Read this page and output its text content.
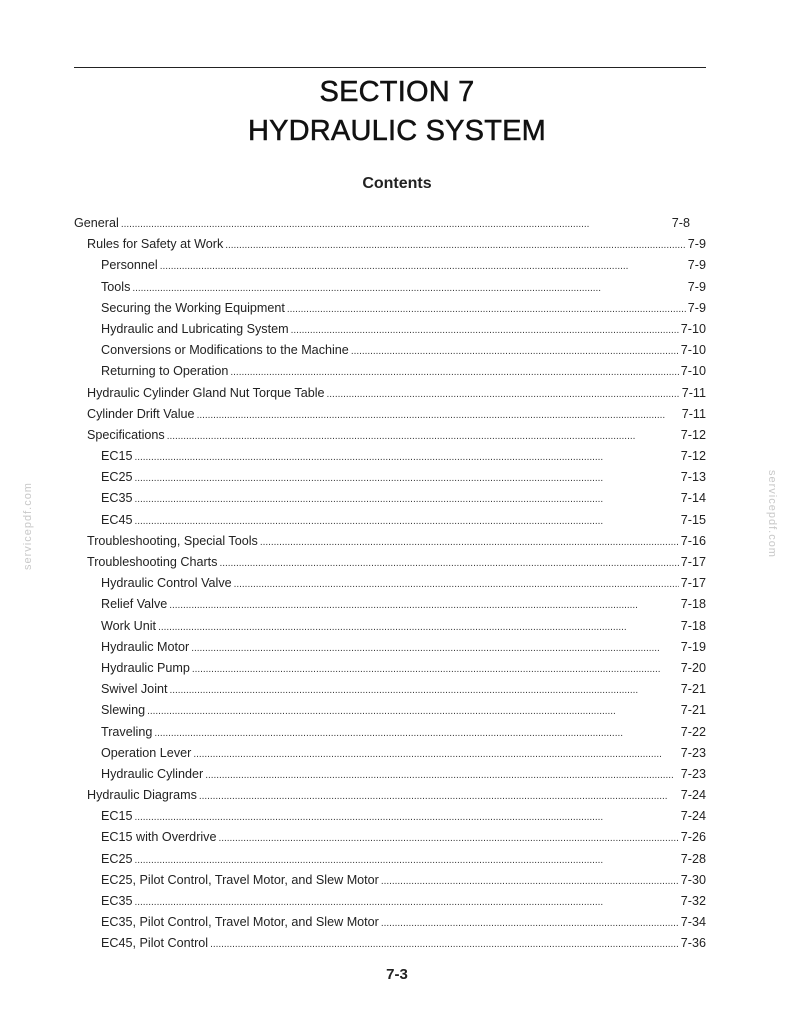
SECTION 7
HYDRAULIC SYSTEM
Contents
General . . .	7-8
Rules for Safety at Work . . .	7-9
Personnel . . .	7-9
Tools . . .	7-9
Securing the Working Equipment . . .	7-9
Hydraulic and Lubricating System . . .	7-10
Conversions or Modifications to the Machine . . .	7-10
Returning to Operation . . .	7-10
Hydraulic Cylinder Gland Nut Torque Table . . .	7-11
Cylinder Drift Value . . .	7-11
Specifications . . .	7-12
EC15 . . .	7-12
EC25 . . .	7-13
EC35 . . .	7-14
EC45 . . .	7-15
Troubleshooting, Special Tools . . .	7-16
Troubleshooting Charts . . .	7-17
Hydraulic Control Valve . . .	7-17
Relief Valve . . .	7-18
Work Unit . . .	7-18
Hydraulic Motor . . .	7-19
Hydraulic Pump . . .	7-20
Swivel Joint . . .	7-21
Slewing . . .	7-21
Traveling . . .	7-22
Operation Lever . . .	7-23
Hydraulic Cylinder . . .	7-23
Hydraulic Diagrams . . .	7-24
EC15 . . .	7-24
EC15 with Overdrive . . .	7-26
EC25 . . .	7-28
EC25, Pilot Control, Travel Motor, and Slew Motor . . .	7-30
EC35 . . .	7-32
EC35, Pilot Control, Travel Motor, and Slew Motor . . .	7-34
EC45, Pilot Control . . .	7-36
servicepdf.com	servicepdf.com
7-3
